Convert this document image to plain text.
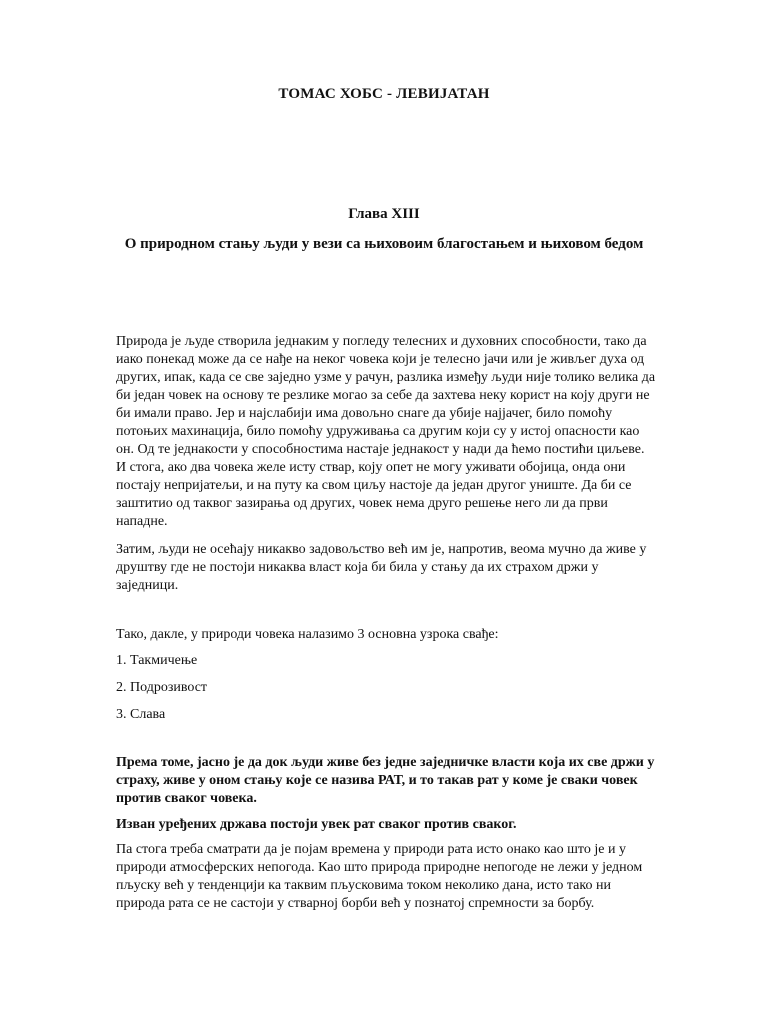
ТОМАС ХОБС - ЛЕВИЈАТАН
Глава XIII
О природном стању људи у вези са њиховоим благостањем и њиховом бедом
Природа је људе створила једнаким у погледу телесних и духовних способности, тако да иако понекад може да се нађе на неког човека који је телесно јачи или је живљег духа од других, ипак, када се све заједно узме у рачун, разлика између људи није толико велика да би један човек на основу те резлике могао за себе да захтева неку корист на коју други не би имали право. Јер и најслабији има довољно снаге да убије најјачег, било помоћу потоњих махинација, било помоћу удруживања са другим који су у истој опасности као он. Од те једнакости у способностима настаје једнакост у нади да ћемо постићи циљеве. И стога, ако два човека желе исту ствар, коју опет не могу уживати обојица, онда они постају непријатељи, и на путу ка свом циљу настоје да један другог униште. Да би се заштитио од таквог зазирања од других, човек нема друго решење него ли да први нападне.
Затим, људи не осећају никакво задовољство већ им је, напротив, веома мучно да живе у друштву где не постоји никаква власт која би била у стању да их страхом држи у заједници.
Тако, дакле, у природи човека налазимо 3 основна узрока свађе:
1. Такмичење
2. Подрозивост
3. Слава
Према томе, јасно је да док људи живе без једне заједничке власти која их све држи у страху, живе у оном стању које се назива РАТ, и то такав рат у коме је сваки човек против сваког човека.
Изван уређених држава постоји увек рат сваког против сваког.
Па стога треба сматрати да је појам времена у природи рата исто онако као што је и у природи атмосферских непогода. Као што природа природне непогоде не лежи у једном пљуску већ у тенденцији ка таквим пљусковима током неколико дана, исто тако ни природа рата се не састоји у стварној борби већ у познатој спремности за борбу.
